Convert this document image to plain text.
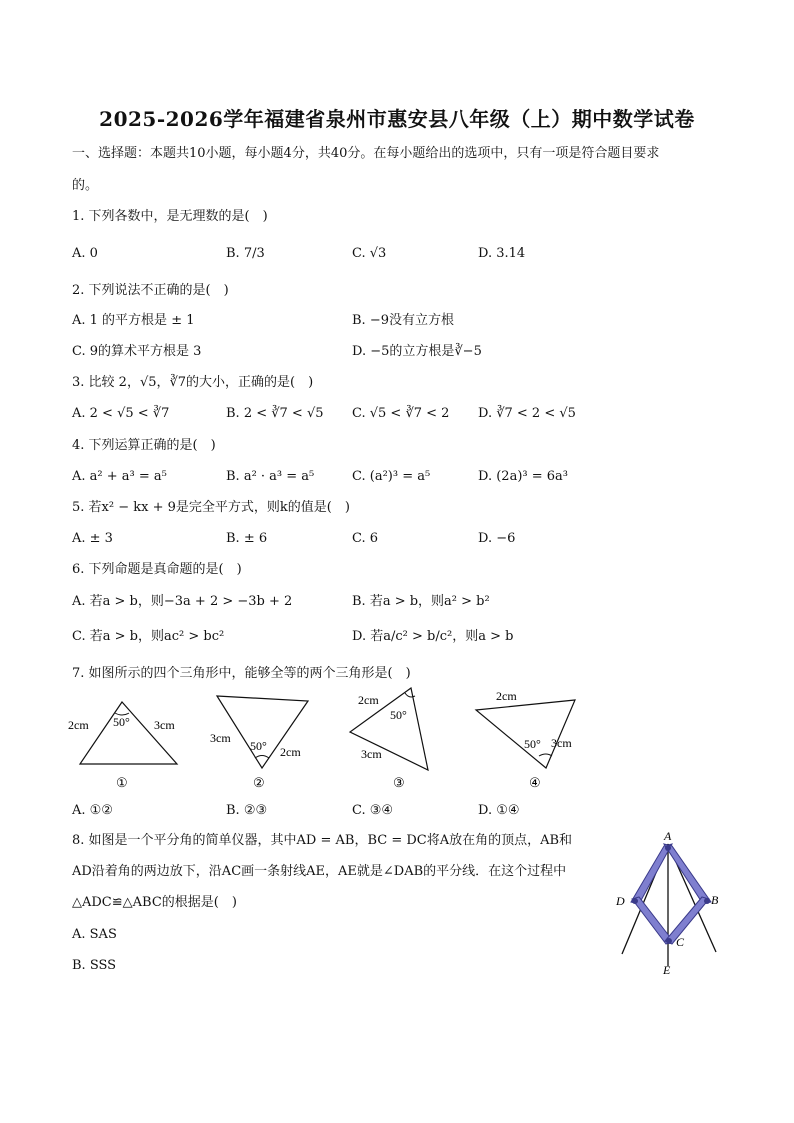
2025-2026学年福建省泉州市惠安县八年级（上）期中数学试卷
一、选择题：本题共10小题，每小题4分，共40分。在每小题给出的选项中，只有一项是符合题目要求
的。
1. 下列各数中，是无理数的是(　)
A. 0	B. 7/3	C. √3	D. 3.14
2. 下列说法不正确的是(　)
A. 1 的平方根是 ± 1	B. −9没有立方根
C. 9的算术平方根是 3	D. −5的立方根是∛−5
3. 比较 2，√5，∛7的大小，正确的是(　)
A. 2 < √5 < ∛7	B. 2 < ∛7 < √5 C. √5 < ∛7 < 2 D. ∛7 < 2 < √5
4. 下列运算正确的是(　)
A. a² + a³ = a⁵	B. a² · a³ = a⁵	C. (a²)³ = a⁵	D. (2a)³ = 6a³
5. 若x² − kx + 9是完全平方式，则k的值是(　)
A. ± 3	B. ± 6	C. 6	D. −6
6. 下列命题是真命题的是(　)
A. 若a > b，则−3a + 2 > −3b + 2	B. 若a > b，则a² > b²
C. 若a > b，则ac² > bc²	D. 若a/c² > b/c²，则a > b
7. 如图所示的四个三角形中，能够全等的两个三角形是(　)
50°
2cm	3cm
①
50°
3cm
2cm
②
50°
2cm
3cm
③
50°
2cm
3cm
④
A. ①②	B. ②③	C. ③④	D. ①④
8. 如图是一个平分角的简单仪器，其中AD = AB，BC = DC将A放在角的顶点，AB和
AD沿着角的两边放下，沿AC画一条射线AE，AE就是∠DAB的平分线．在这个过程中
△ADC≌△ABC的根据是(　)
A. SAS
B. SSS
A
D	B
C
E
